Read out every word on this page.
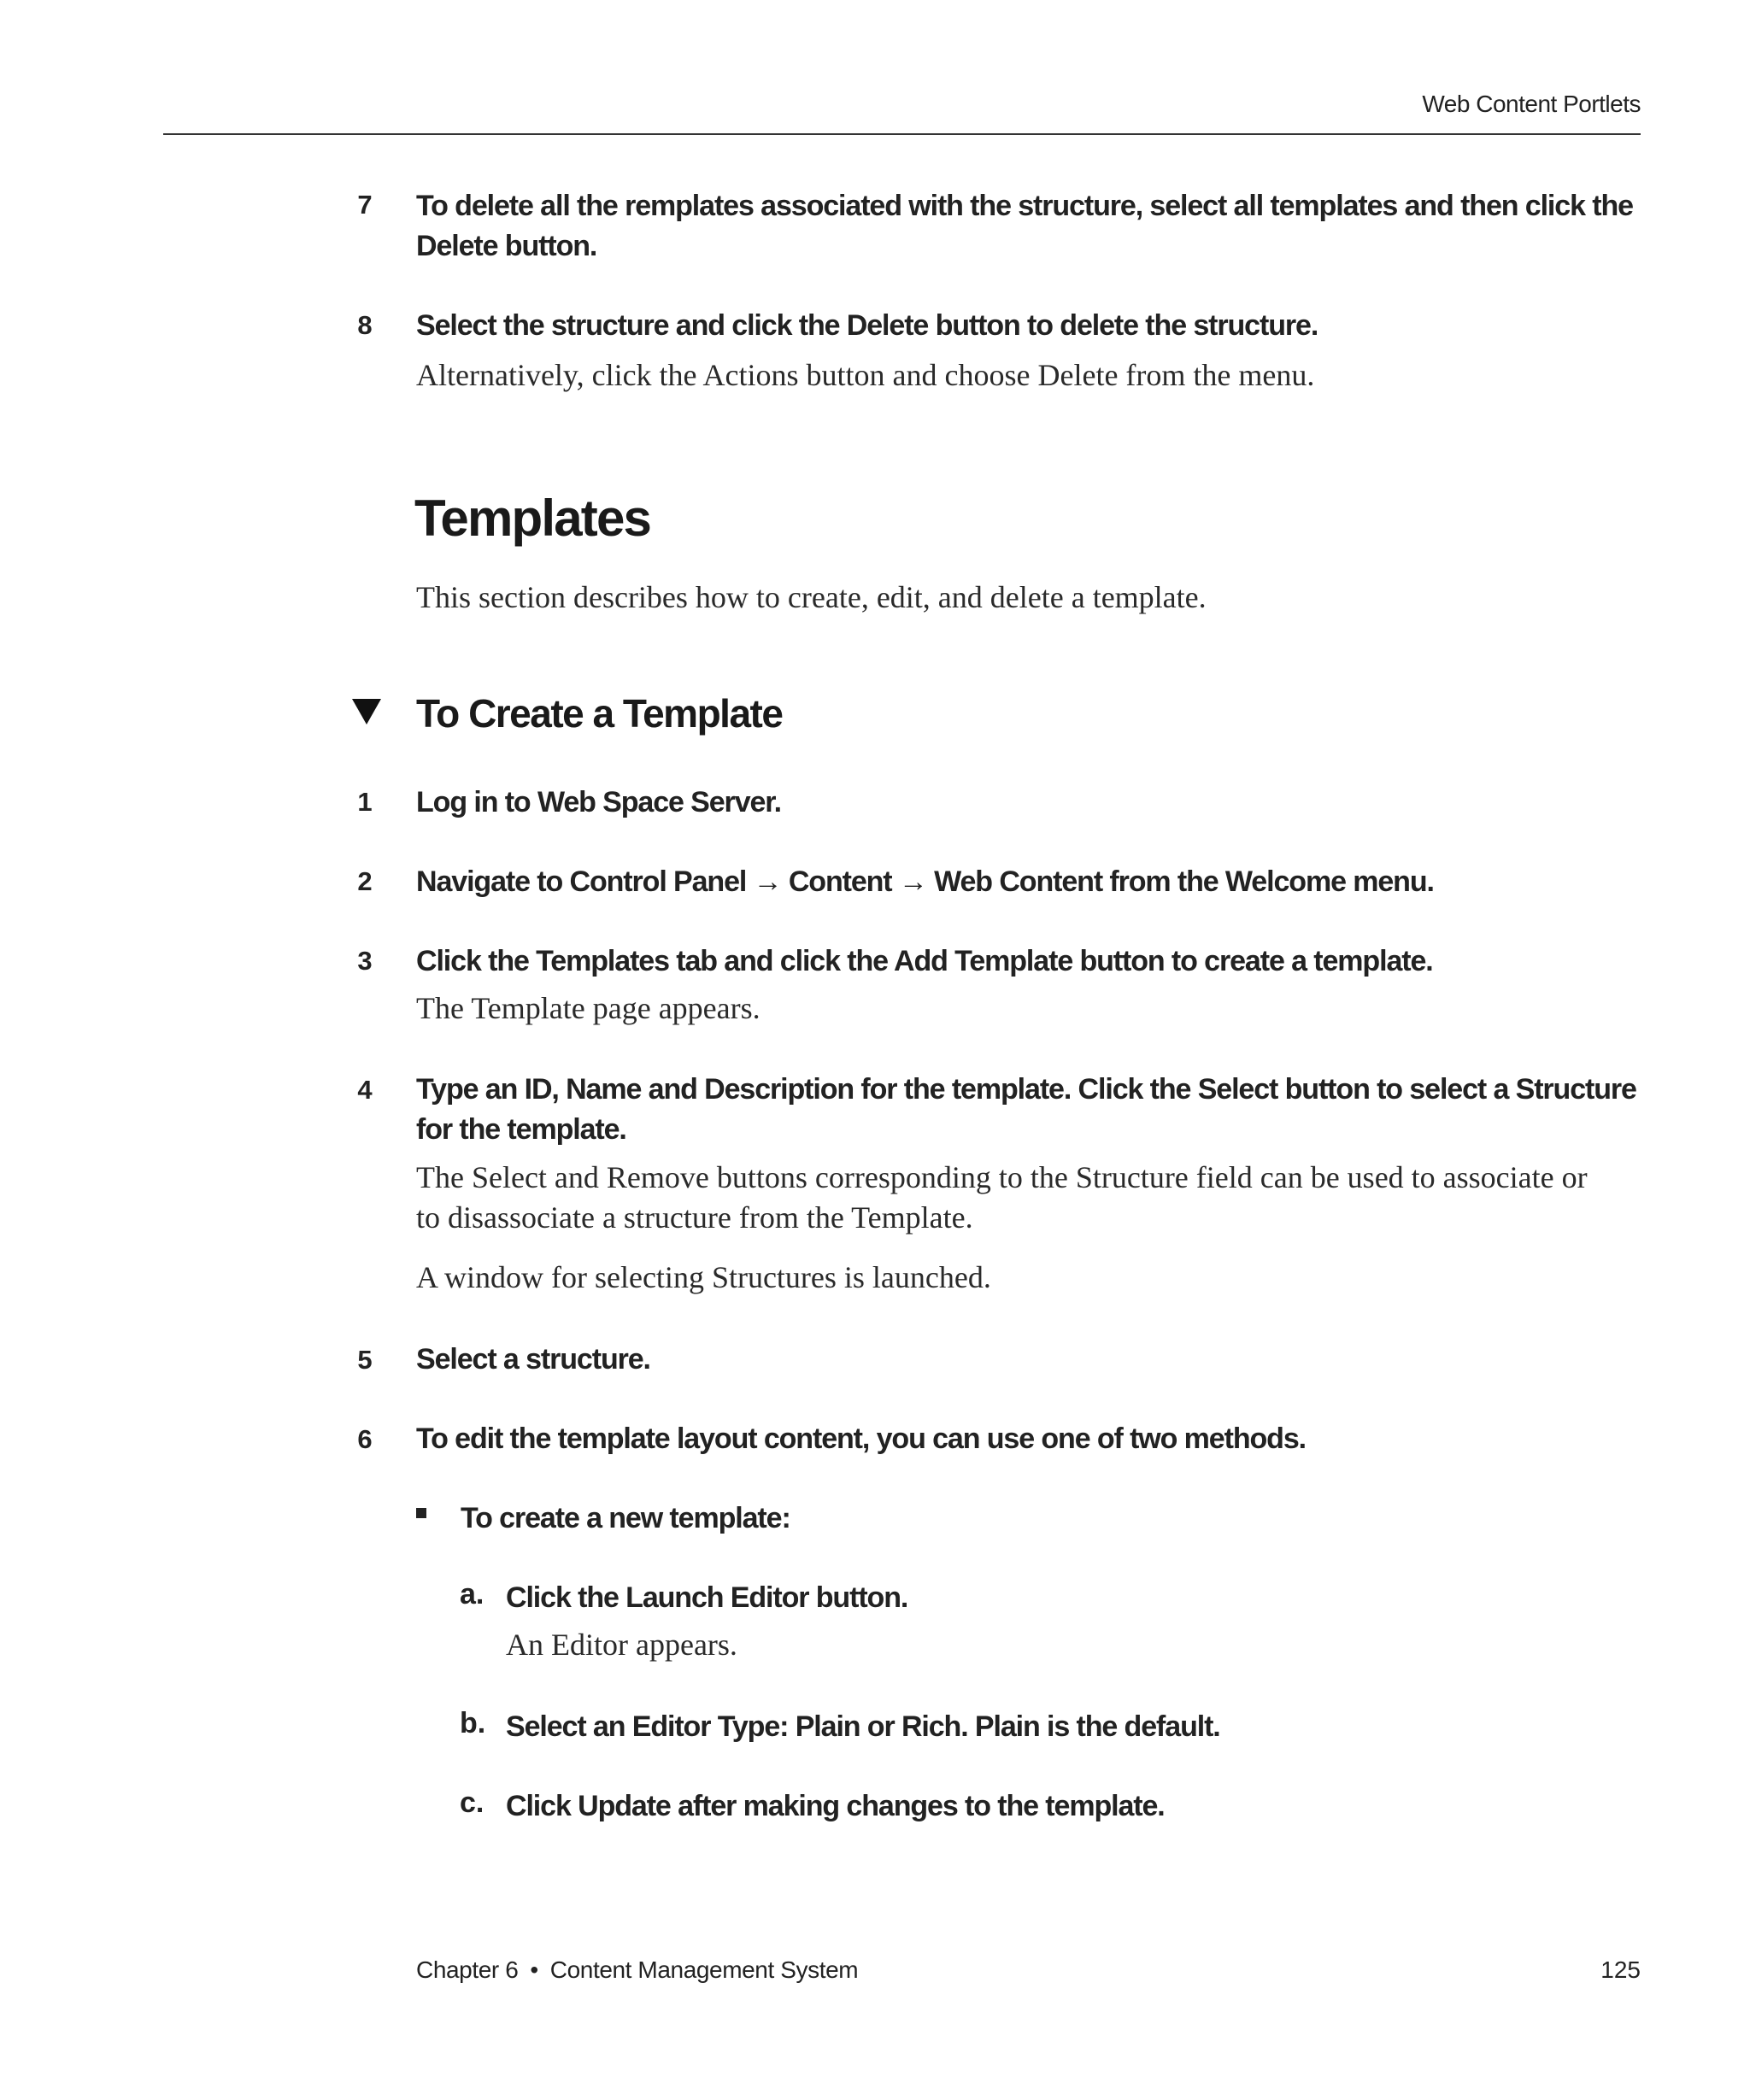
Web Content Portlets
7 To delete all the remplates associated with the structure, select all templates and then click the
Delete button.
8 Select the structure and click the Delete button to delete the structure.
Alternatively, click the Actions button and choose Delete from the menu.
Templates
This section describes how to create, edit, and delete a template.
To Create a Template
1 Log in to Web Space Server.
2 Navigate to Control Panel → Content → Web Content from the Welcome menu.
3 Click the Templates tab and click the Add Template button to create a template.
The Template page appears.
4 Type an ID, Name and Description for the template. Click the Select button to select a Structure
for the template.
The Select and Remove buttons corresponding to the Structure field can be used to associate or
to disassociate a structure from the Template.
A window for selecting Structures is launched.
5 Select a structure.
6 To edit the template layout content, you can use one of two methods.
To create a new template:
a. Click the Launch Editor button.
An Editor appears.
b. Select an Editor Type: Plain or Rich. Plain is the default.
c. Click Update after making changes to the template.
Chapter 6 • Content Management System	125
